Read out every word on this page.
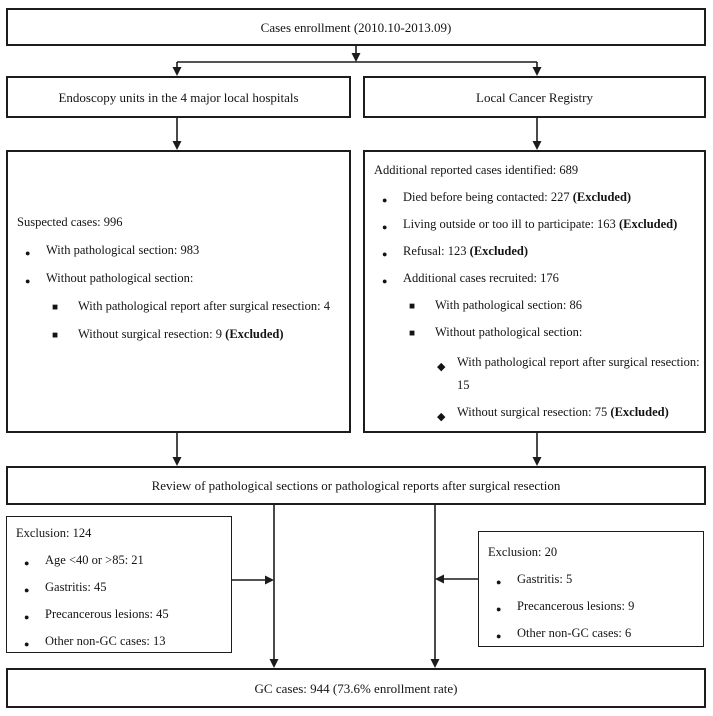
Cases enrollment (2010.10-2013.09)
Endoscopy units in the 4 major local hospitals	Local Cancer Registry
Suspected cases: 996
● With pathological section: 983
● Without pathological section:
■ With pathological report after surgical resection: 4
■ Without surgical resection: 9 (Excluded)
Additional reported cases identified: 689
● Died before being contacted: 227 (Excluded)
● Living outside or too ill to participate: 163 (Excluded)
● Refusal: 123 (Excluded)
● Additional cases recruited: 176
■ With pathological section: 86
■ Without pathological section:
◆ With pathological report after surgical resection:
15
◆ Without surgical resection: 75 (Excluded)
Review of pathological sections or pathological reports after surgical resection
Exclusion: 124
● Age <40 or >85: 21
● Gastritis: 45
● Precancerous lesions: 45
● Other non-GC cases: 13
Exclusion: 20
● Gastritis: 5
● Precancerous lesions: 9
● Other non-GC cases: 6
GC cases: 944 (73.6% enrollment rate)
